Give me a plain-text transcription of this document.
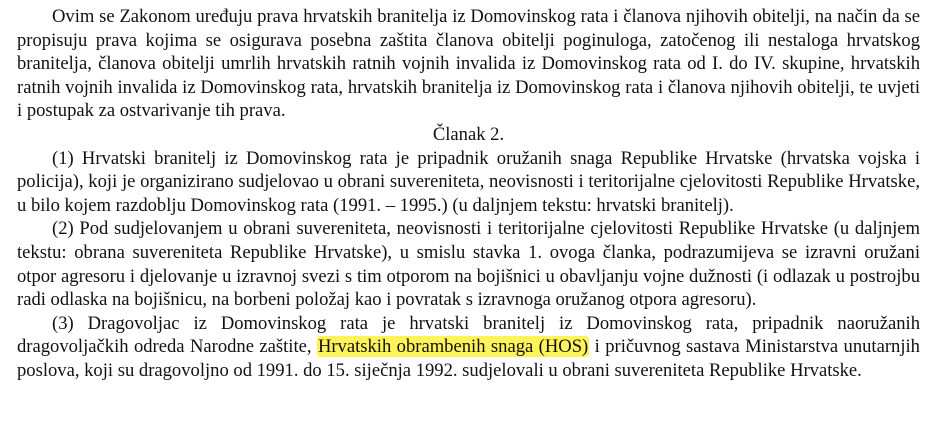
Ovim se Zakonom uređuju prava hrvatskih branitelja iz Domovinskog rata i članova njihovih obitelji, na način da se propisuju prava kojima se osigurava posebna zaštita članova obitelji poginuloga, zatočenog ili nestaloga hrvatskog branitelja, članova obitelji umrlih hrvatskih ratnih vojnih invalida iz Domovinskog rata od I. do IV. skupine, hrvatskih ratnih vojnih invalida iz Domovinskog rata, hrvatskih branitelja iz Domovinskog rata i članova njihovih obitelji, te uvjeti i postupak za ostvarivanje tih prava.

Članak 2.

(1) Hrvatski branitelj iz Domovinskog rata je pripadnik oružanih snaga Republike Hrvatske (hrvatska vojska i policija), koji je organizirano sudjelovao u obrani suvereniteta, neovisnosti i teritorijalne cjelovitosti Republike Hrvatske, u bilo kojem razdoblju Domovinskog rata (1991. – 1995.) (u daljnjem tekstu: hrvatski branitelj).

(2) Pod sudjelovanjem u obrani suvereniteta, neovisnosti i teritorijalne cjelovitosti Republike Hrvatske (u daljnjem tekstu: obrana suvereniteta Republike Hrvatske), u smislu stavka 1. ovoga članka, podrazumijeva se izravni oružani otpor agresoru i djelovanje u izravnoj svezi s tim otporom na bojišnici u obavljanju vojne dužnosti (i odlazak u postrojbu radi odlaska na bojišnicu, na borbeni položaj kao i povratak s izravnoga oružanog otpora agresoru).

(3) Dragovoljac iz Domovinskog rata je hrvatski branitelj iz Domovinskog rata, pripadnik naoružanih dragovoljačkih odreda Narodne zaštite, Hrvatskih obrambenih snaga (HOS) i pričuvnog sastava Ministarstva unutarnjih poslova, koji su dragovoljno od 1991. do 15. siječnja 1992. sudjelovali u obrani suvereniteta Republike Hrvatske.
